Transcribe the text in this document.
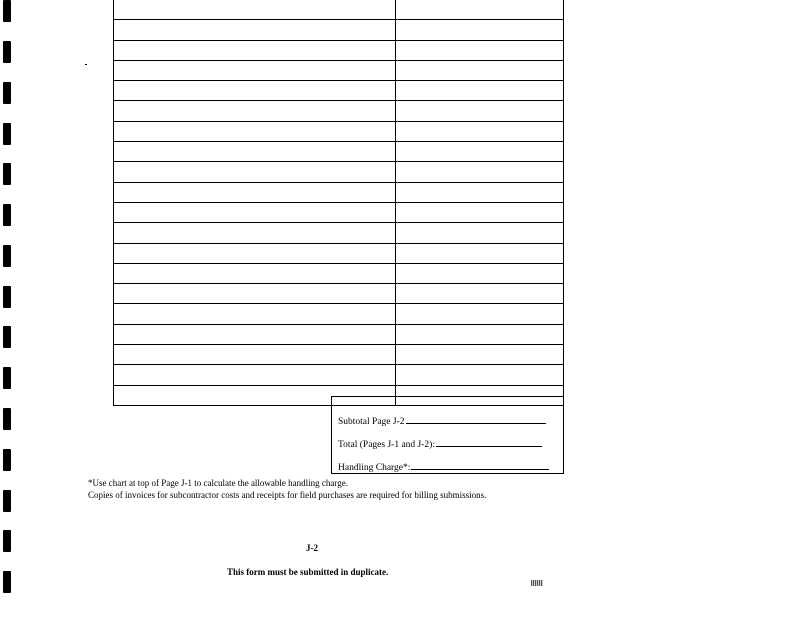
Subtotal Page J-2
Total (Pages J-1 and J-2):
Handling Charge*:
*Use chart at top of Page J-1 to calculate the allowable handling charge.
Copies of invoices for subcontractor costs and receipts for field purchases are required for billing submissions.
J-2
This form must be submitted in duplicate.
